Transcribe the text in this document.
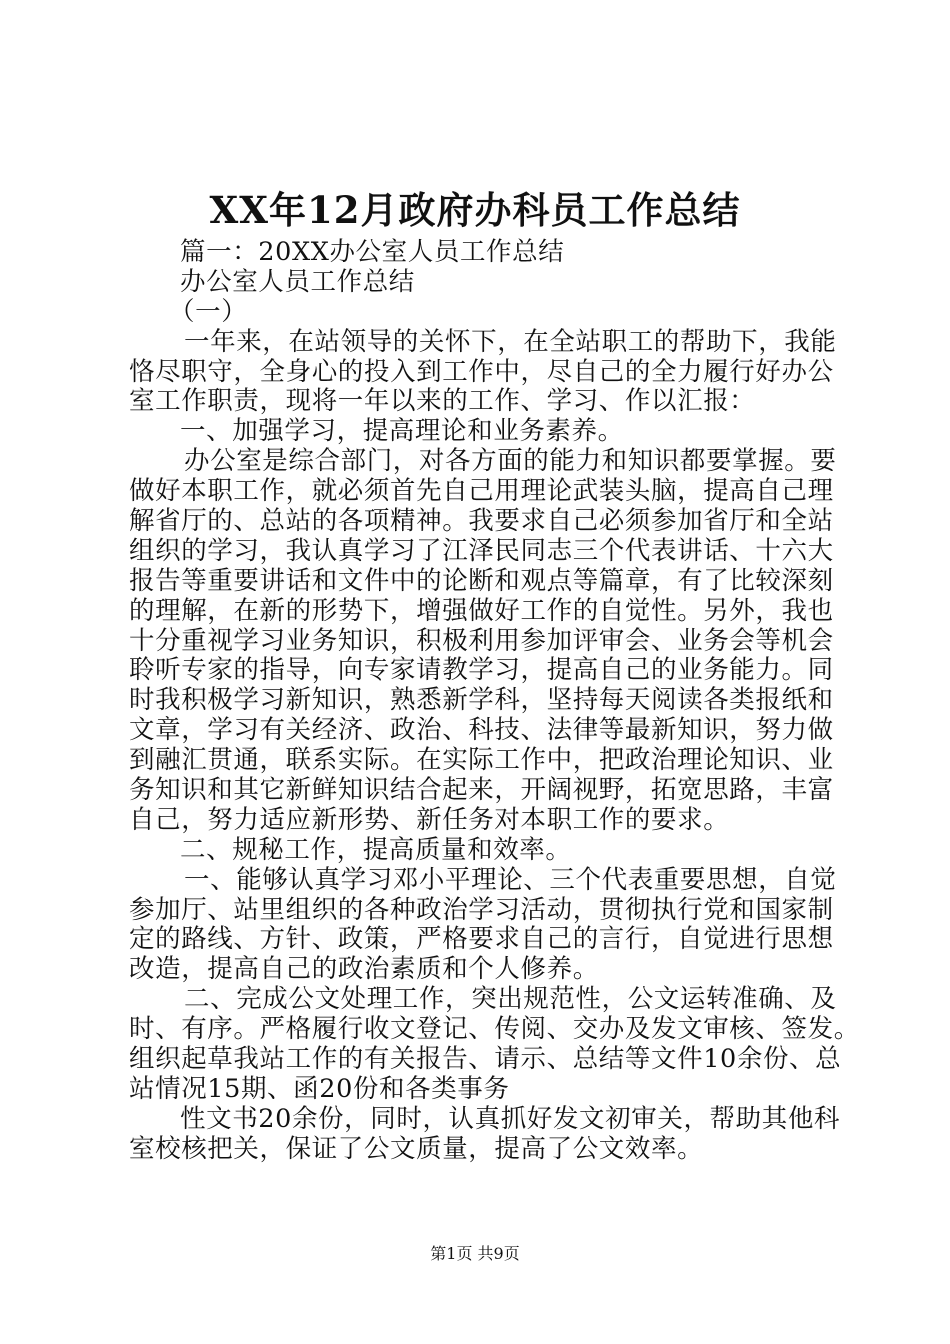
XX年12月政府办科员工作总结
篇一：20XX办公室人员工作总结
办公室人员工作总结
（一）
一年来，在站领导的关怀下，在全站职工的帮助下，我能
恪尽职守，全身心的投入到工作中，尽自己的全力履行好办公
室工作职责，现将一年以来的工作、学习、作以汇报：
一、加强学习，提高理论和业务素养。
办公室是综合部门，对各方面的能力和知识都要掌握。要
做好本职工作，就必须首先自己用理论武装头脑，提高自己理
解省厅的、总站的各项精神。我要求自己必须参加省厅和全站
组织的学习，我认真学习了江泽民同志三个代表讲话、十六大
报告等重要讲话和文件中的论断和观点等篇章，有了比较深刻
的理解，在新的形势下，增强做好工作的自觉性。另外，我也
十分重视学习业务知识，积极利用参加评审会、业务会等机会
聆听专家的指导，向专家请教学习，提高自己的业务能力。同
时我积极学习新知识，熟悉新学科，坚持每天阅读各类报纸和
文章，学习有关经济、政治、科技、法律等最新知识，努力做
到融汇贯通，联系实际。在实际工作中，把政治理论知识、业
务知识和其它新鲜知识结合起来，开阔视野，拓宽思路，丰富
自己，努力适应新形势、新任务对本职工作的要求。
二、规秘工作，提高质量和效率。
一、能够认真学习邓小平理论、三个代表重要思想，自觉
参加厅、站里组织的各种政治学习活动，贯彻执行党和国家制
定的路线、方针、政策，严格要求自己的言行，自觉进行思想
改造，提高自己的政治素质和个人修养。
二、完成公文处理工作，突出规范性，公文运转准确、及
时、有序。严格履行收文登记、传阅、交办及发文审核、签发。
组织起草我站工作的有关报告、请示、总结等文件10余份、总
站情况15期、函20份和各类事务
性文书20余份，同时，认真抓好发文初审关，帮助其他科
室校核把关，保证了公文质量，提高了公文效率。
第1页 共9页
